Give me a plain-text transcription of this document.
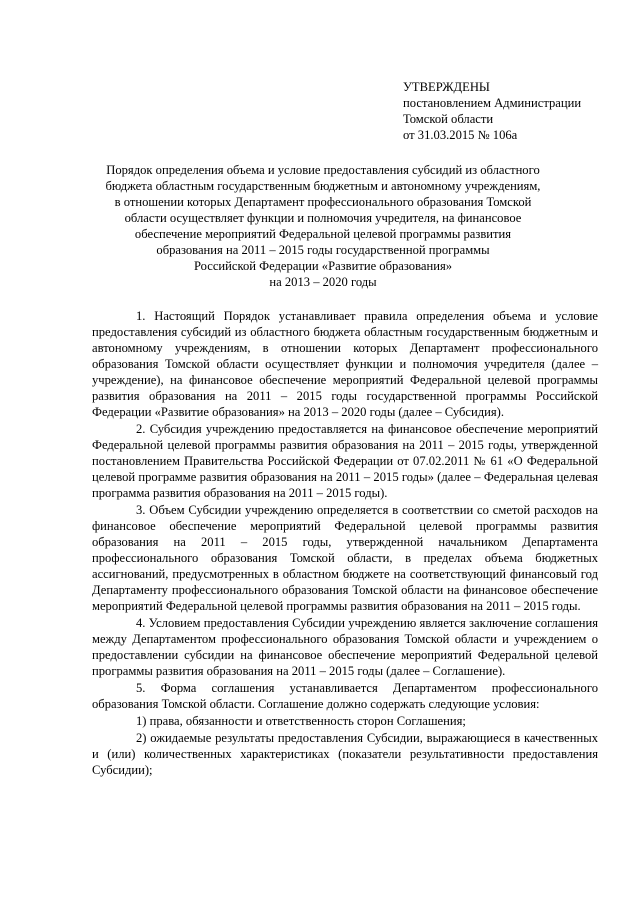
УТВЕРЖДЕНЫ
постановлением Администрации
Томской области
от 31.03.2015 № 106а
Порядок определения объема и условие предоставления субсидий из областного
бюджета областным государственным бюджетным и автономному учреждениям,
в отношении которых Департамент профессионального образования Томской
области осуществляет функции и полномочия учредителя, на финансовое
обеспечение мероприятий Федеральной целевой программы развития
образования на 2011 – 2015 годы государственной программы
Российской Федерации «Развитие образования»
на 2013 – 2020 годы

1. Настоящий Порядок устанавливает правила определения объема и условие предоставления субсидий из областного бюджета областным государственным бюджетным и автономному учреждениям, в отношении которых Департамент профессионального образования Томской области осуществляет функции и полномочия учредителя (далее – учреждение), на финансовое обеспечение мероприятий Федеральной целевой программы развития образования на 2011 – 2015 годы государственной программы Российской Федерации «Развитие образования» на 2013 – 2020 годы (далее – Субсидия).

2. Субсидия учреждению предоставляется на финансовое обеспечение мероприятий Федеральной целевой программы развития образования на 2011 – 2015 годы, утвержденной постановлением Правительства Российской Федерации от 07.02.2011 № 61 «О Федеральной целевой программе развития образования на 2011 – 2015 годы» (далее – Федеральная целевая программа развития образования на 2011 – 2015 годы).

3. Объем Субсидии учреждению определяется в соответствии со сметой расходов на финансовое обеспечение мероприятий Федеральной целевой программы развития образования на 2011 – 2015 годы, утвержденной начальником Департамента профессионального образования Томской области, в пределах объема бюджетных ассигнований, предусмотренных в областном бюджете на соответствующий финансовый год Департаменту профессионального образования Томской области на финансовое обеспечение мероприятий Федеральной целевой программы развития образования на 2011 – 2015 годы.

4. Условием предоставления Субсидии учреждению является заключение соглашения между Департаментом профессионального образования Томской области и учреждением о предоставлении субсидии на финансовое обеспечение мероприятий Федеральной целевой программы развития образования на 2011 – 2015 годы (далее – Соглашение).

5. Форма соглашения устанавливается Департаментом профессионального образования Томской области. Соглашение должно содержать следующие условия:

1) права, обязанности и ответственность сторон Соглашения;

2) ожидаемые результаты предоставления Субсидии, выражающиеся в качественных и (или) количественных характеристиках (показатели результативности предоставления Субсидии);
